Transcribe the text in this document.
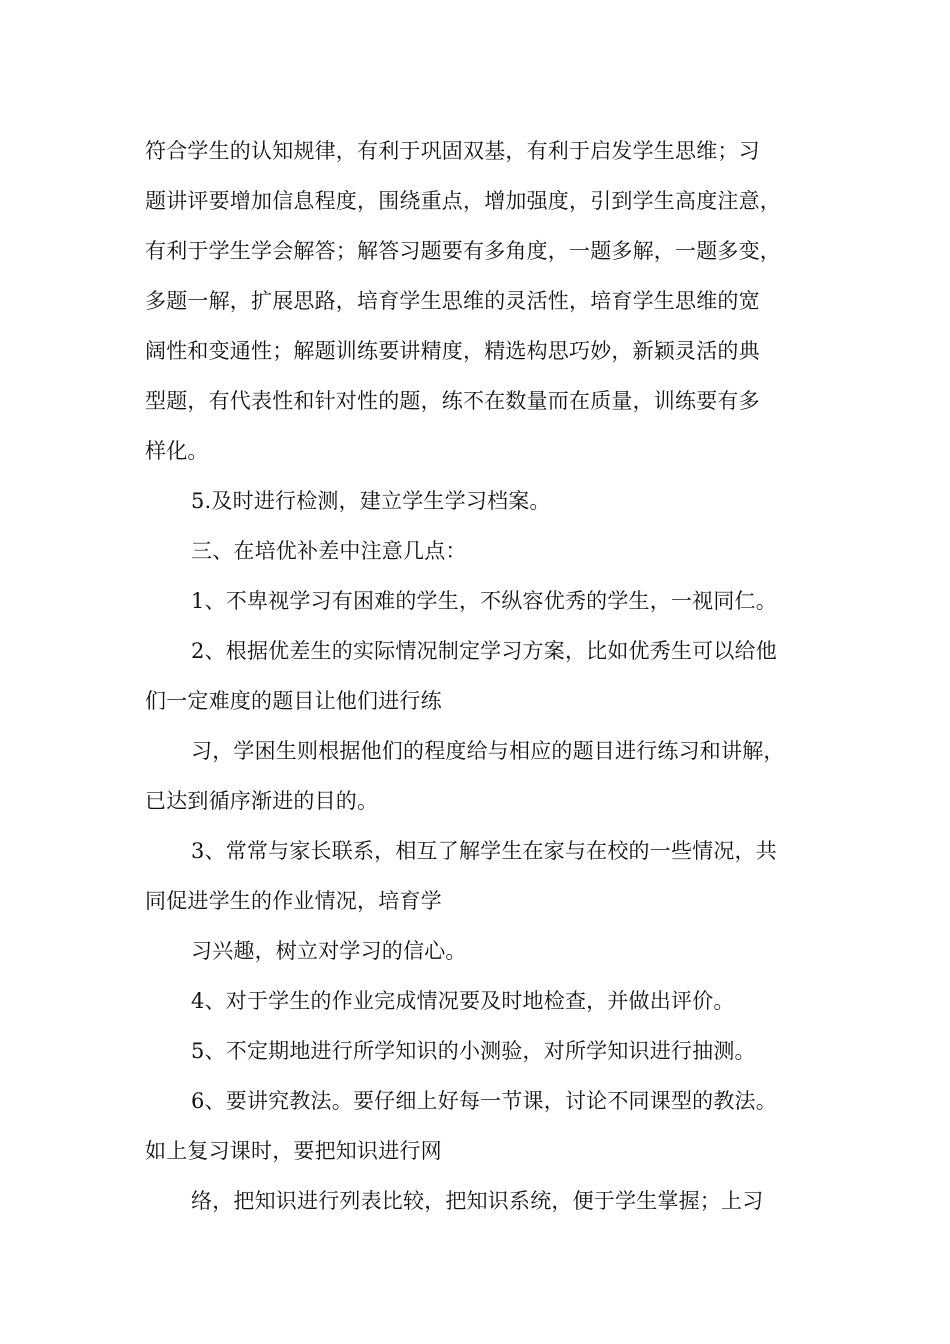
符合学生的认知规律，有利于巩固双基，有利于启发学生思维；习
题讲评要增加信息程度，围绕重点，增加强度，引到学生高度注意，
有利于学生学会解答；解答习题要有多角度，一题多解，一题多变，
多题一解，扩展思路，培育学生思维的灵活性，培育学生思维的宽
阔性和变通性；解题训练要讲精度，精选构思巧妙，新颖灵活的典
型题，有代表性和针对性的题，练不在数量而在质量，训练要有多
样化。
5.及时进行检测，建立学生学习档案。
三、在培优补差中注意几点：
1、不卑视学习有困难的学生，不纵容优秀的学生，一视同仁。
2、根据优差生的实际情况制定学习方案，比如优秀生可以给他
们一定难度的题目让他们进行练
习，学困生则根据他们的程度给与相应的题目进行练习和讲解，
已达到循序渐进的目的。
3、常常与家长联系，相互了解学生在家与在校的一些情况，共
同促进学生的作业情况，培育学
习兴趣，树立对学习的信心。
4、对于学生的作业完成情况要及时地检查，并做出评价。
5、不定期地进行所学知识的小测验，对所学知识进行抽测。
6、要讲究教法。要仔细上好每一节课，讨论不同课型的教法。
如上复习课时，要把知识进行网
络，把知识进行列表比较，把知识系统，便于学生掌握；上习
